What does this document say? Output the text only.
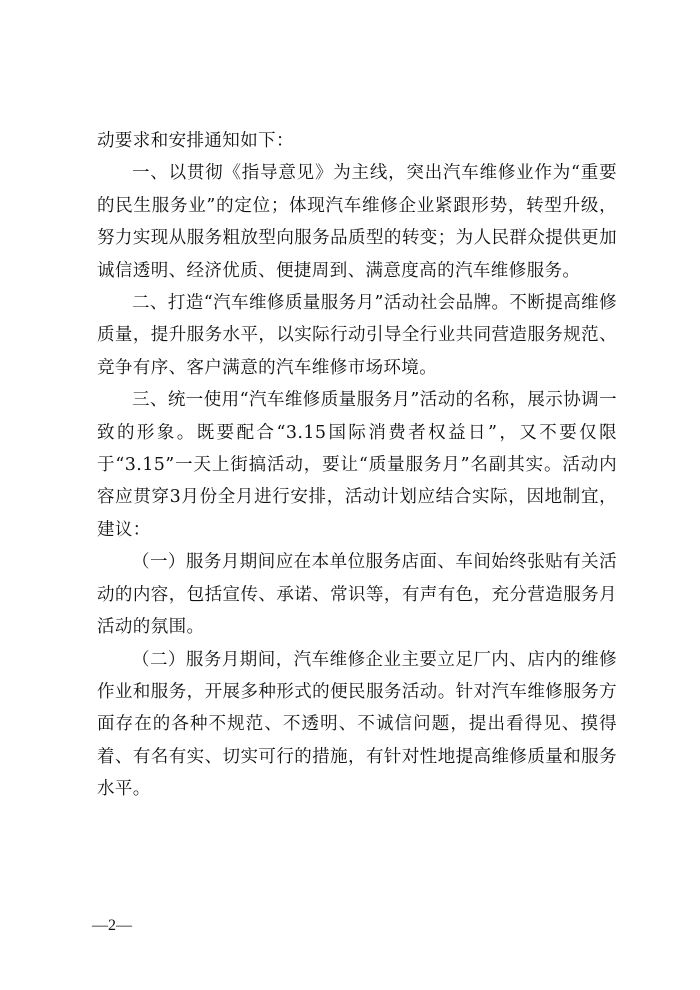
动要求和安排通知如下：

一、以贯彻《指导意见》为主线，突出汽车维修业作为“重要的民生服务业”的定位；体现汽车维修企业紧跟形势，转型升级，努力实现从服务粗放型向服务品质型的转变；为人民群众提供更加诚信透明、经济优质、便捷周到、满意度高的汽车维修服务。

二、打造“汽车维修质量服务月”活动社会品牌。不断提高维修质量，提升服务水平，以实际行动引导全行业共同营造服务规范、竞争有序、客户满意的汽车维修市场环境。

三、统一使用“汽车维修质量服务月”活动的名称，展示协调一致的形象。既要配合“3.15国际消费者权益日”，又不要仅限于“3.15”一天上街搞活动，要让“质量服务月”名副其实。活动内容应贯穿3月份全月进行安排，活动计划应结合实际，因地制宜，建议：

（一）服务月期间应在本单位服务店面、车间始终张贴有关活动的内容，包括宣传、承诺、常识等，有声有色，充分营造服务月活动的氛围。

（二）服务月期间，汽车维修企业主要立足厂内、店内的维修作业和服务，开展多种形式的便民服务活动。针对汽车维修服务方面存在的各种不规范、不透明、不诚信问题，提出看得见、摸得着、有名有实、切实可行的措施，有针对性地提高维修质量和服务水平。

—2—
